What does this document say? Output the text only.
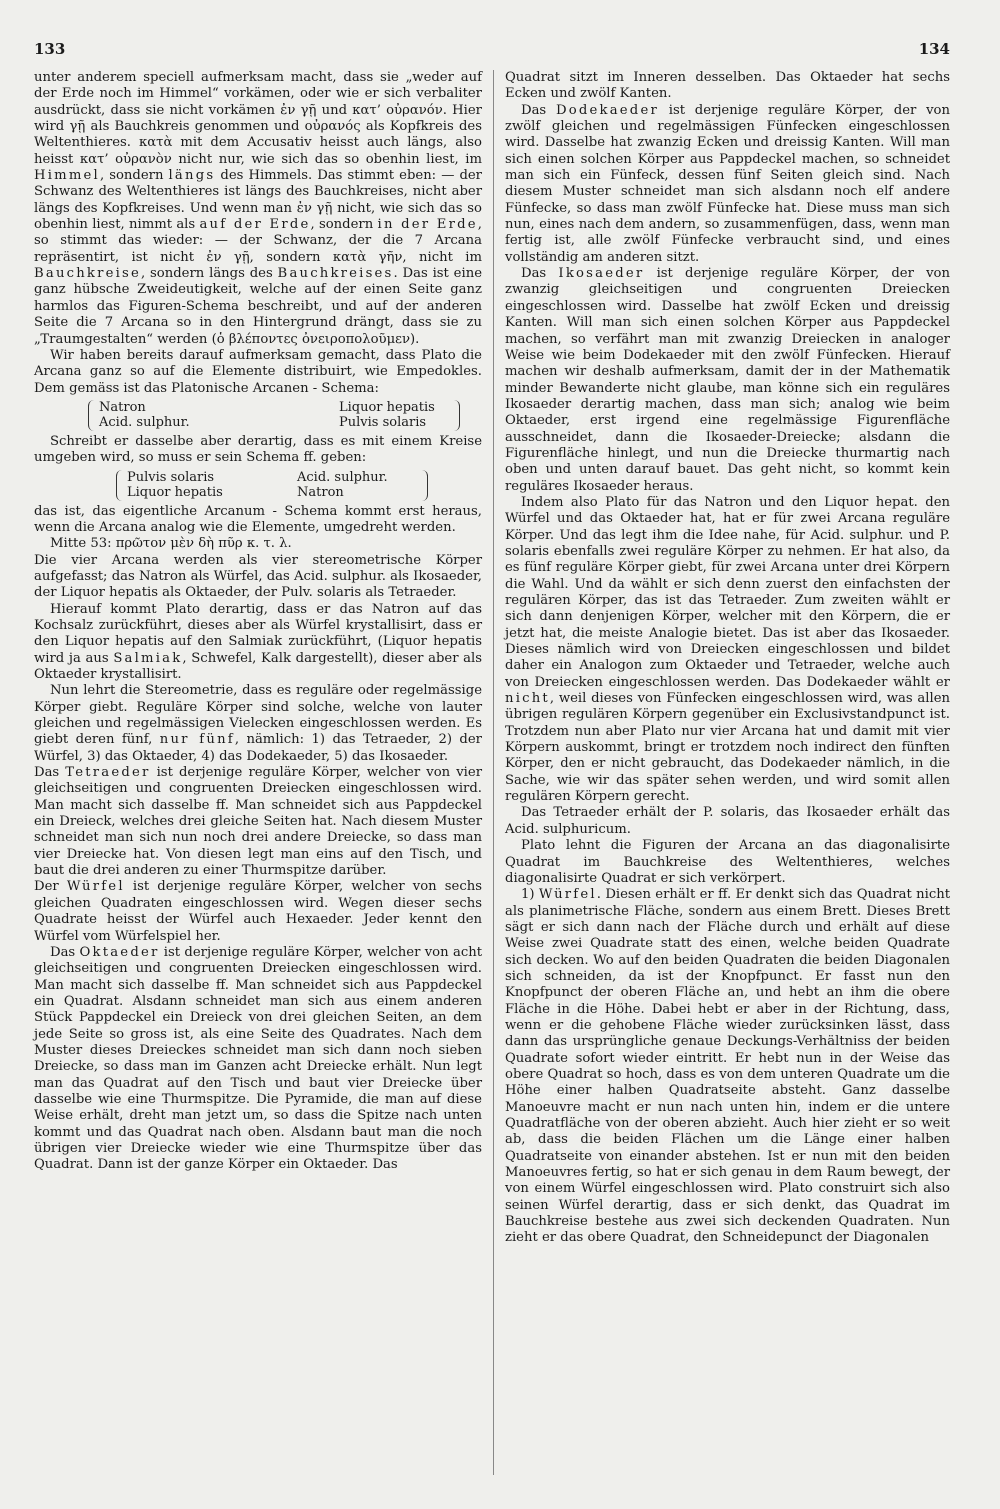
133	134

unter anderem speciell aufmerksam macht, dass sie „weder auf der Erde noch im Himmel“ vorkämen, oder wie er sich verbaliter ausdrückt, dass sie nicht vorkämen ἐν γῇ und κατ’ οὐρανόν. Hier wird γῇ als Bauchkreis genommen und οὐρανός als Kopfkreis des Weltenthieres. κατὰ mit dem Accusativ heisst auch längs, also heisst κατ’ οὐρανὸν nicht nur, wie sich das so obenhin liest, im Himmel, sondern längs des Himmels. Das stimmt eben: — der Schwanz des Weltenthieres ist längs des Bauchkreises, nicht aber längs des Kopfkreises. Und wenn man ἐν γῇ nicht, wie sich das so obenhin liest, nimmt als auf der Erde, sondern in der Erde, so stimmt das wieder: — der Schwanz, der die 7 Arcana repräsentirt, ist nicht ἐν γῇ, sondern κατὰ γῆν, nicht im Bauchkreise, sondern längs des Bauchkreises. Das ist eine ganz hübsche Zweideutigkeit, welche auf der einen Seite ganz harmlos das Figuren-Schema beschreibt, und auf der anderen Seite die 7 Arcana so in den Hintergrund drängt, dass sie zu „Traumgestalten“ werden (ὁ βλέποντες ὀνειροπολοῦμεν).

Wir haben bereits darauf aufmerksam gemacht, dass Plato die Arcana ganz so auf die Elemente distribuirt, wie Empedokles. Dem gemäss ist das Platonische Arcanen - Schema:

Natron	Liquor hepatis
Acid. sulphur.	Pulvis solaris

Schreibt er dasselbe aber derartig, dass es mit einem Kreise umgeben wird, so muss er sein Schema ff. geben:

Pulvis solaris	Acid. sulphur.
Liquor hepatis	Natron

das ist, das eigentliche Arcanum - Schema kommt erst heraus, wenn die Arcana analog wie die Elemente, umgedreht werden.

Mitte 53: πρῶτον μὲν δὴ πῦρ κ. τ. λ.

Die vier Arcana werden als vier stereometrische Körper aufgefasst; das Natron als Würfel, das Acid. sulphur. als Ikosaeder, der Liquor hepatis als Oktaeder, der Pulv. solaris als Tetraeder.

Hierauf kommt Plato derartig, dass er das Natron auf das Kochsalz zurückführt, dieses aber als Würfel krystallisirt, dass er den Liquor hepatis auf den Salmiak zurückführt, (Liquor hepatis wird ja aus Salmiak, Schwefel, Kalk dargestellt), dieser aber als Oktaeder krystallisirt.

Nun lehrt die Stereometrie, dass es reguläre oder regelmässige Körper giebt. Reguläre Körper sind solche, welche von lauter gleichen und regelmässigen Vielecken eingeschlossen werden. Es giebt deren fünf, nur fünf, nämlich: 1) das Tetraeder, 2) der Würfel, 3) das Oktaeder, 4) das Dodekaeder, 5) das Ikosaeder.

Das Tetraeder ist derjenige reguläre Körper, welcher von vier gleichseitigen und congruenten Dreiecken eingeschlossen wird. Man macht sich dasselbe ff. Man schneidet sich aus Pappdeckel ein Dreieck, welches drei gleiche Seiten hat. Nach diesem Muster schneidet man sich nun noch drei andere Dreiecke, so dass man vier Dreiecke hat. Von diesen legt man eins auf den Tisch, und baut die drei anderen zu einer Thurmspitze darüber.

Der Würfel ist derjenige reguläre Körper, welcher von sechs gleichen Quadraten eingeschlossen wird. Wegen dieser sechs Quadrate heisst der Würfel auch Hexaeder. Jeder kennt den Würfel vom Würfelspiel her.

Das Oktaeder ist derjenige reguläre Körper, welcher von acht gleichseitigen und congruenten Dreiecken eingeschlossen wird. Man macht sich dasselbe ff. Man schneidet sich aus Pappdeckel ein Quadrat. Alsdann schneidet man sich aus einem anderen Stück Pappdeckel ein Dreieck von drei gleichen Seiten, an dem jede Seite so gross ist, als eine Seite des Quadrates. Nach dem Muster dieses Dreieckes schneidet man sich dann noch sieben Dreiecke, so dass man im Ganzen acht Dreiecke erhält. Nun legt man das Quadrat auf den Tisch und baut vier Dreiecke über dasselbe wie eine Thurmspitze. Die Pyramide, die man auf diese Weise erhält, dreht man jetzt um, so dass die Spitze nach unten kommt und das Quadrat nach oben. Alsdann baut man die noch übrigen vier Dreiecke wieder wie eine Thurmspitze über das Quadrat. Dann ist der ganze Körper ein Oktaeder. Das

Quadrat sitzt im Inneren desselben. Das Oktaeder hat sechs Ecken und zwölf Kanten.

Das Dodekaeder ist derjenige reguläre Körper, der von zwölf gleichen und regelmässigen Fünfecken eingeschlossen wird. Dasselbe hat zwanzig Ecken und dreissig Kanten. Will man sich einen solchen Körper aus Pappdeckel machen, so schneidet man sich ein Fünfeck, dessen fünf Seiten gleich sind. Nach diesem Muster schneidet man sich alsdann noch elf andere Fünfecke, so dass man zwölf Fünfecke hat. Diese muss man sich nun, eines nach dem andern, so zusammenfügen, dass, wenn man fertig ist, alle zwölf Fünfecke verbraucht sind, und eines vollständig am anderen sitzt.

Das Ikosaeder ist derjenige reguläre Körper, der von zwanzig gleichseitigen und congruenten Dreiecken eingeschlossen wird. Dasselbe hat zwölf Ecken und dreissig Kanten. Will man sich einen solchen Körper aus Pappdeckel machen, so verfährt man mit zwanzig Dreiecken in analoger Weise wie beim Dodekaeder mit den zwölf Fünfecken. Hierauf machen wir deshalb aufmerksam, damit der in der Mathematik minder Bewanderte nicht glaube, man könne sich ein reguläres Ikosaeder derartig machen, dass man sich; analog wie beim Oktaeder, erst irgend eine regelmässige Figurenfläche ausschneidet, dann die Ikosaeder-Dreiecke; alsdann die Figurenfläche hinlegt, und nun die Dreiecke thurmartig nach oben und unten darauf bauet. Das geht nicht, so kommt kein reguläres Ikosaeder heraus.

Indem also Plato für das Natron und den Liquor hepat. den Würfel und das Oktaeder hat, hat er für zwei Arcana reguläre Körper. Und das legt ihm die Idee nahe, für Acid. sulphur. und P. solaris ebenfalls zwei reguläre Körper zu nehmen. Er hat also, da es fünf reguläre Körper giebt, für zwei Arcana unter drei Körpern die Wahl. Und da wählt er sich denn zuerst den einfachsten der regulären Körper, das ist das Tetraeder. Zum zweiten wählt er sich dann denjenigen Körper, welcher mit den Körpern, die er jetzt hat, die meiste Analogie bietet. Das ist aber das Ikosaeder. Dieses nämlich wird von Dreiecken eingeschlossen und bildet daher ein Analogon zum Oktaeder und Tetraeder, welche auch von Dreiecken eingeschlossen werden. Das Dodekaeder wählt er nicht, weil dieses von Fünfecken eingeschlossen wird, was allen übrigen regulären Körpern gegenüber ein Exclusivstandpunct ist. Trotzdem nun aber Plato nur vier Arcana hat und damit mit vier Körpern auskommt, bringt er trotzdem noch indirect den fünften Körper, den er nicht gebraucht, das Dodekaeder nämlich, in die Sache, wie wir das später sehen werden, und wird somit allen regulären Körpern gerecht.

Das Tetraeder erhält der P. solaris, das Ikosaeder erhält das Acid. sulphuricum.

Plato lehnt die Figuren der Arcana an das diagonalisirte Quadrat im Bauchkreise des Weltenthieres, welches diagonalisirte Quadrat er sich verkörpert.

1) Würfel. Diesen erhält er ff. Er denkt sich das Quadrat nicht als planimetrische Fläche, sondern aus einem Brett. Dieses Brett sägt er sich dann nach der Fläche durch und erhält auf diese Weise zwei Quadrate statt des einen, welche beiden Quadrate sich decken. Wo auf den beiden Quadraten die beiden Diagonalen sich schneiden, da ist der Knopfpunct. Er fasst nun den Knopfpunct der oberen Fläche an, und hebt an ihm die obere Fläche in die Höhe. Dabei hebt er aber in der Richtung, dass, wenn er die gehobene Fläche wieder zurücksinken lässt, dass dann das ursprüngliche genaue Deckungs-Verhältniss der beiden Quadrate sofort wieder eintritt. Er hebt nun in der Weise das obere Quadrat so hoch, dass es von dem unteren Quadrate um die Höhe einer halben Quadratseite absteht. Ganz dasselbe Manoeuvre macht er nun nach unten hin, indem er die untere Quadratfläche von der oberen abzieht. Auch hier zieht er so weit ab, dass die beiden Flächen um die Länge einer halben Quadratseite von einander abstehen. Ist er nun mit den beiden Manoeuvres fertig, so hat er sich genau in dem Raum bewegt, der von einem Würfel eingeschlossen wird. Plato construirt sich also seinen Würfel derartig, dass er sich denkt, das Quadrat im Bauchkreise bestehe aus zwei sich deckenden Quadraten. Nun zieht er das obere Quadrat, den Schneidepunct der Diagonalen
